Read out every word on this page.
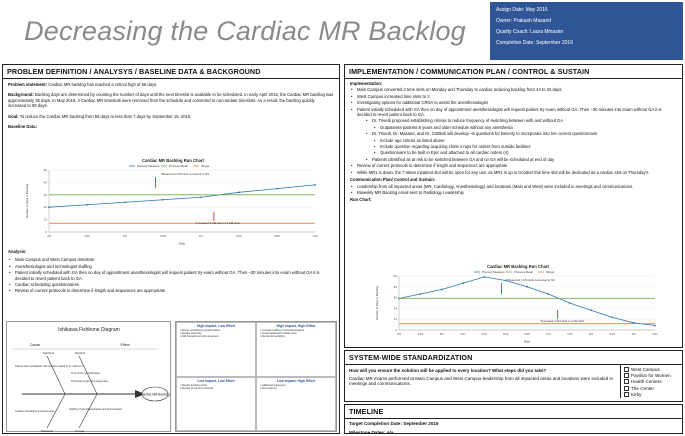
Decreasing the Cardiac MR Backlog
Assign Date: May 2016
Owner: Prakash Masand
Quality Coach: Laura Minaster
Completion Date: September 2016
PROBLEM DEFINITION / ANALYSYS / BASELINE DATA & BACKGROUND

Problem statement: Cardiac MR backlog has reached a critical high of 59 days.

Background: Backlog days are determined by counting the number of days until the next timeslot is available to be scheduled. In early April 2016, the Cardiac MR backlog was approximately 35 days. In May 2016, 2 Cardiac MR timeslots were removed from the schedule and converted to non-sedate timeslots. As a result, the backlog quickly increased to 59 days.

Goal: To reduce the Cardiac MR backlog from 59 days to less than 7 days by September 15, 2016.

Baseline Data:

Cardiac MR Backlog Run Chart
Primary Measure	Process Mean	Target
0
10
20
30
40
50
4/5	4/20	5/4	5/18	6/1	6/15	6/29	7/13
Date
Number of Days in Backlog
*Measured 2 CM slots converted to NS
*Increased 2 CM slots to 3 CM slots

Analysis:

• Main Campus and West Campus timeslots
• Anesthesiologist and technologist staffing
• Patient initially scheduled with GA then on day of appointment anesthesiologist will request patient try exam without GA. Then ~30 minutes into exam without GA it is decided to revert patient back to GA.
• Cardiac scheduling questionnaires
• Review of current protocols to determine if length and sequences are appropriate
Ishikawa Fishbone Diagram
Cause	Effect
Cardiac MR Backlog
Patient often scheduled with GA then asked to try without it
Time slots not scheduled
Protocols length and sequences
Cardiac scheduling questionnaires
Staffing of anesthesiologists and technologists
Machine	Method
Materials	People
High Impact, Low Effort
• Revise scheduling questionnaires
• Review protocols
• Add timeslots at both campuses
High Impact, High Effort
• Increase staffing of anesthesiologists
• Create dedicated cardiac slots
• Revise GA workflow
Low Impact, Low Effort
• Weekly backlog email
• Review of current protocols
Low Impact, High Effort
• Additional equipment
• New scanner
IMPLEMENTATION / COMMUNICATION PLAN / CONTROL & SUSTAIN

Implementation:

• Main Campus converted 2 time slots on Monday and Thursday to cardiac reducing backlog from 44 to 33 days.
• West Campus increased time slots to 3
• Investigating options for additional CRNA to assist the anesthesiologist
• Patient initially scheduled with GA then on day of appointment anesthesiologist will request patient try exam without GA. Then ~30 minutes into exam without GA it is decided to revert patient back to GA.
• Dr. Trivedi proposed establishing criteria to reduce frequency of switching between with and without GA
▪ Outpatients-patients 8 years and older schedule without any anesthesia
• Dr. Trivedi, Dr. Masand, and Dr. Gottlieb will develop ~6 questions for Beverly to incorporate into her current questionnaire
▪ Include age criteria as listed above
▪ Include question regarding acquiring chest x-rays for orders from outside facilities
▪ Questionnaire to be built in Epic and attached to all cardiac orders (4)
• Patients identified as at risk to be switched between GA and no GA will be scheduled at end of day
• Review of current protocols to determine if length and sequences are appropriate
• While MR1 is down, the 7:45am inpatient slot will be open for any use; as MR1 is up in October this time slot will be dedicated as a cardiac slot on Thursday's

Communication Plan/ Control and Sustain:

• Leadership from all impacted areas (MR, Cardiology, Anesthesiology) and locations (Main and West) were included in meetings and communications.
• Biweekly MR Backlog email sent to Radiology Leadership

Run Chart:

Cardiac MR Backlog Run Chart
Primary Measure	Process Mean	Target
0
12
24
36
48
60
4/5	4/19	5/3	5/17	5/31	6/14	6/28	7/12	7/26	8/9	8/23	9/6	9/13
Date
Number of Days in Backlog
*Measured 2 CM slots converted to NS
*Increased 2 CM slots to 3 CM slots
SYSTEM-WIDE STANDARDIZATION

How will you ensure the solution will be applied to every location? What steps did you take?

Cardiac MR exams performed at Main Campus and West Campus-leadership from all impacted areas and locations were included in meetings and communications.

West Campus
Pavilion for Women
Health Centers
The Center
Kirby
TIMELINE

Target Completion Date: September 2016

Milestone Dates: n/a
